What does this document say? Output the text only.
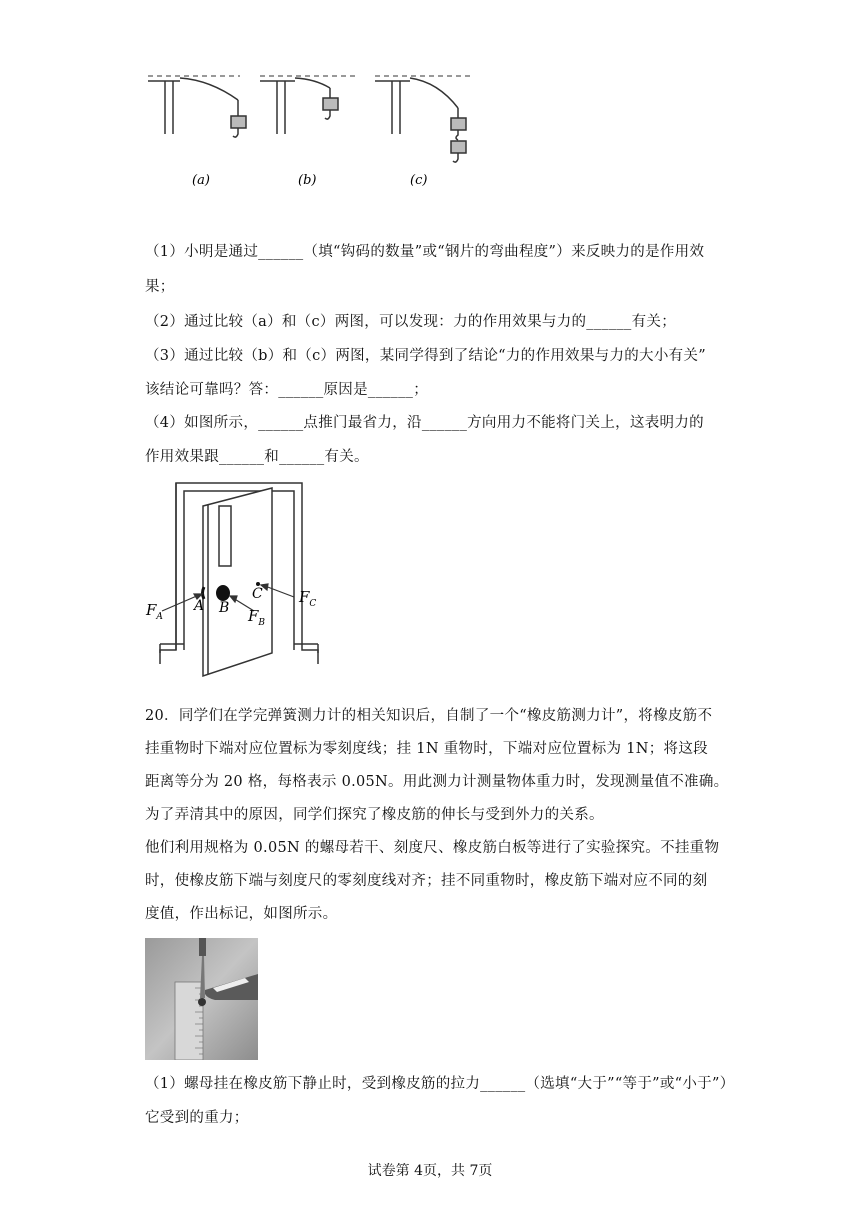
(a)	(b)	(c)
（1）小明是通过______（填“钩码的数量”或“钢片的弯曲程度”）来反映力的是作用效
果；
（2）通过比较（a）和（c）两图，可以发现：力的作用效果与力的______有关；
（3）通过比较（b）和（c）两图，某同学得到了结论“力的作用效果与力的大小有关”
该结论可靠吗？答：______原因是______；
（4）如图所示，______点推门最省力，沿______方向用力不能将门关上，这表明力的
作用效果跟______和______有关。
A B
C
$F_A$	$F_B$
$F_C$
20．同学们在学完弹簧测力计的相关知识后，自制了一个“橡皮筋测力计”，将橡皮筋不
挂重物时下端对应位置标为零刻度线；挂 1N 重物时，下端对应位置标为 1N；将这段
距离等分为 20 格，每格表示 0.05N。用此测力计测量物体重力时，发现测量值不准确。
为了弄清其中的原因，同学们探究了橡皮筋的伸长与受到外力的关系。
他们利用规格为 0.05N 的螺母若干、刻度尺、橡皮筋白板等进行了实验探究。不挂重物
时，使橡皮筋下端与刻度尺的零刻度线对齐；挂不同重物时，橡皮筋下端对应不同的刻
度值，作出标记，如图所示。
（1）螺母挂在橡皮筋下静止时，受到橡皮筋的拉力______（选填“大于”“等于”或“小于”）
它受到的重力；
试卷第 4页，共 7页
